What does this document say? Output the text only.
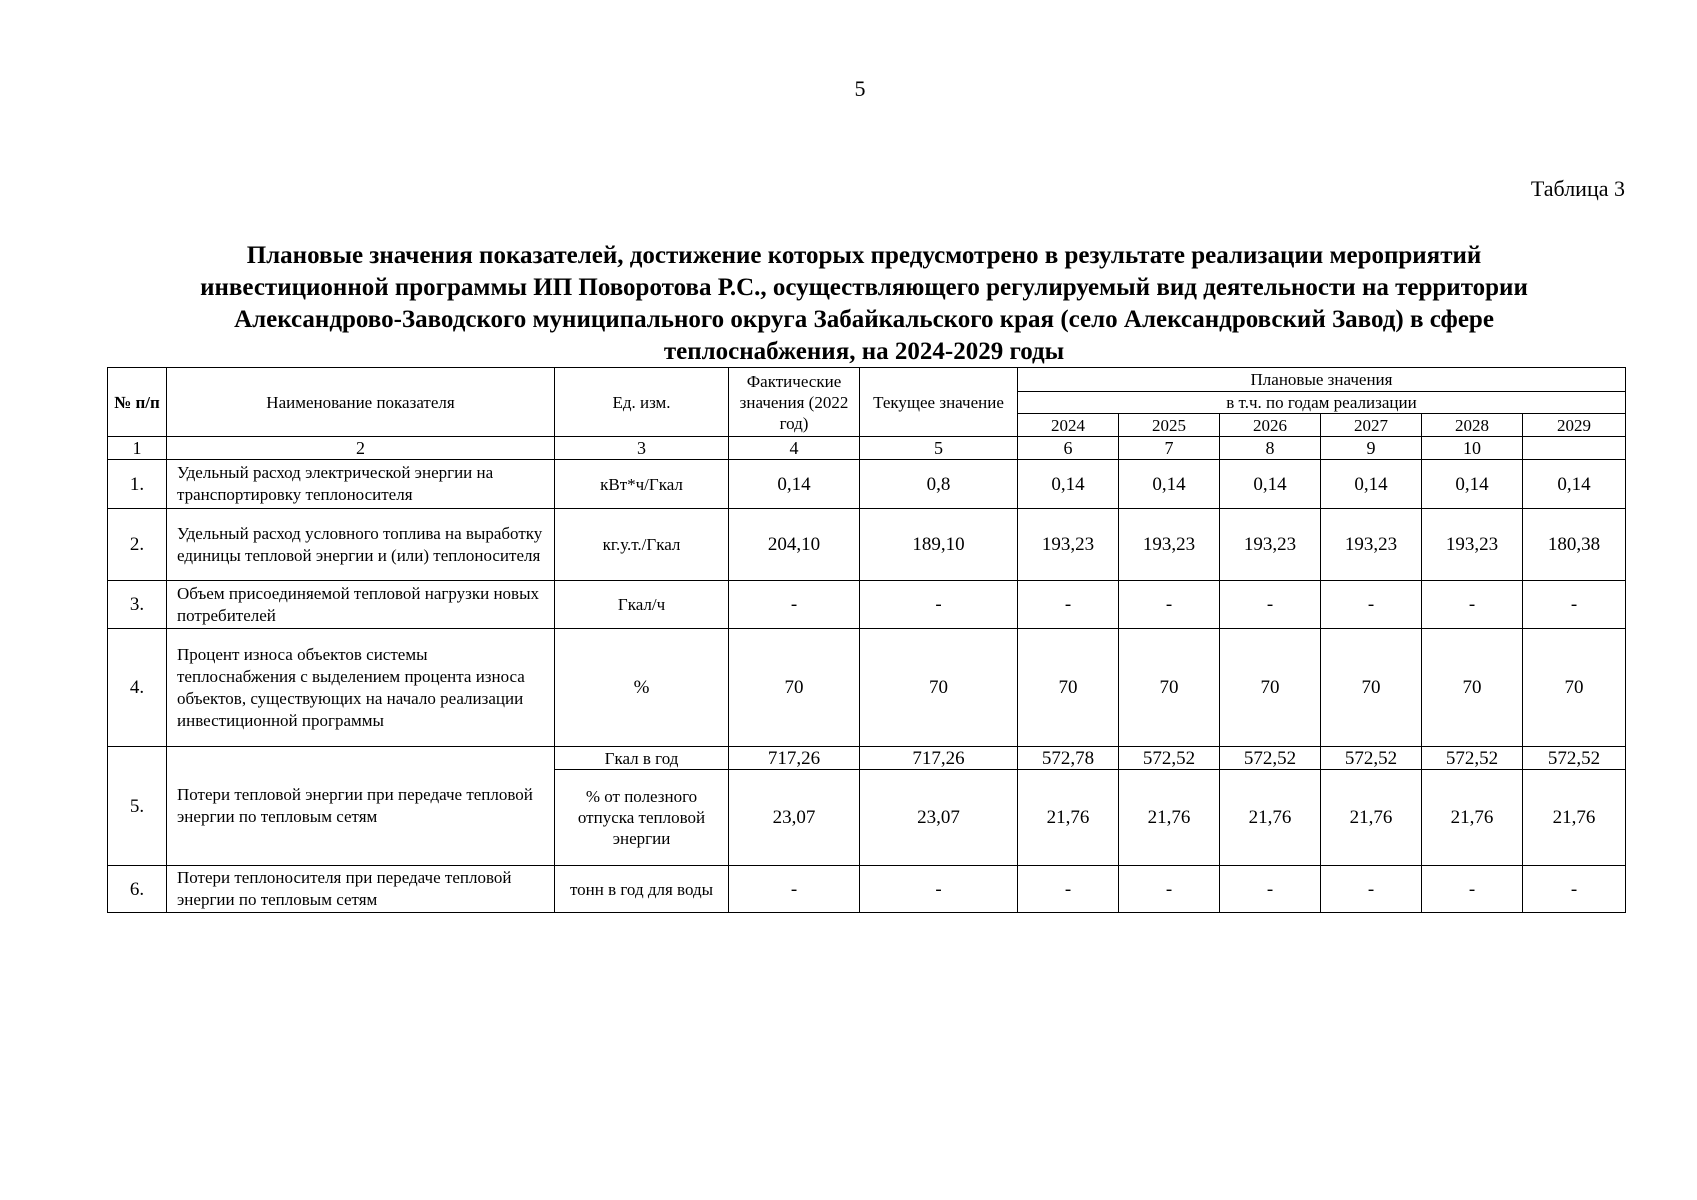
5
Таблица 3
Плановые значения показателей, достижение которых предусмотрено в результате реализации мероприятий
инвестиционной программы ИП Поворотова Р.С., осуществляющего регулируемый вид деятельности на территории
Александрово-Заводского муниципального округа Забайкальского края (село Александровский Завод) в сфере
теплоснабжения, на 2024-2029 годы
№ п/п	Наименование показателя	Ед. изм.	Фактические значения (2022 год)	Текущее значение	Плановые значения					
					в т.ч. по годам реализации					
					2024	2025	2026	2027	2028	2029
1	2	3	4	5	6	7	8	9	10	
1.	Удельный расход электрической энергии на транспортировку теплоносителя	кВт*ч/Гкал	0,14	0,8	0,14	0,14	0,14	0,14	0,14	0,14
2.	Удельный расход условного топлива на выработку единицы тепловой энергии и (или) теплоносителя	кг.у.т./Гкал	204,10	189,10	193,23	193,23	193,23	193,23	193,23	180,38
3.	Объем присоединяемой тепловой нагрузки новых потребителей	Гкал/ч	-	-	-	-	-	-	-	-
4.	Процент износа объектов системы теплоснабжения с выделением процента износа объектов, существующих на начало реализации инвестиционной программы	%	70	70	70	70	70	70	70	70
5.	Потери тепловой энергии при передаче тепловой энергии по тепловым сетям	Гкал в год	717,26	717,26	572,78	572,52	572,52	572,52	572,52	572,52
		% от полезного отпуска тепловой энергии	23,07	23,07	21,76	21,76	21,76	21,76	21,76	21,76
6.	Потери теплоносителя при передаче тепловой энергии по тепловым сетям	тонн в год для воды	-	-	-	-	-	-	-	-
